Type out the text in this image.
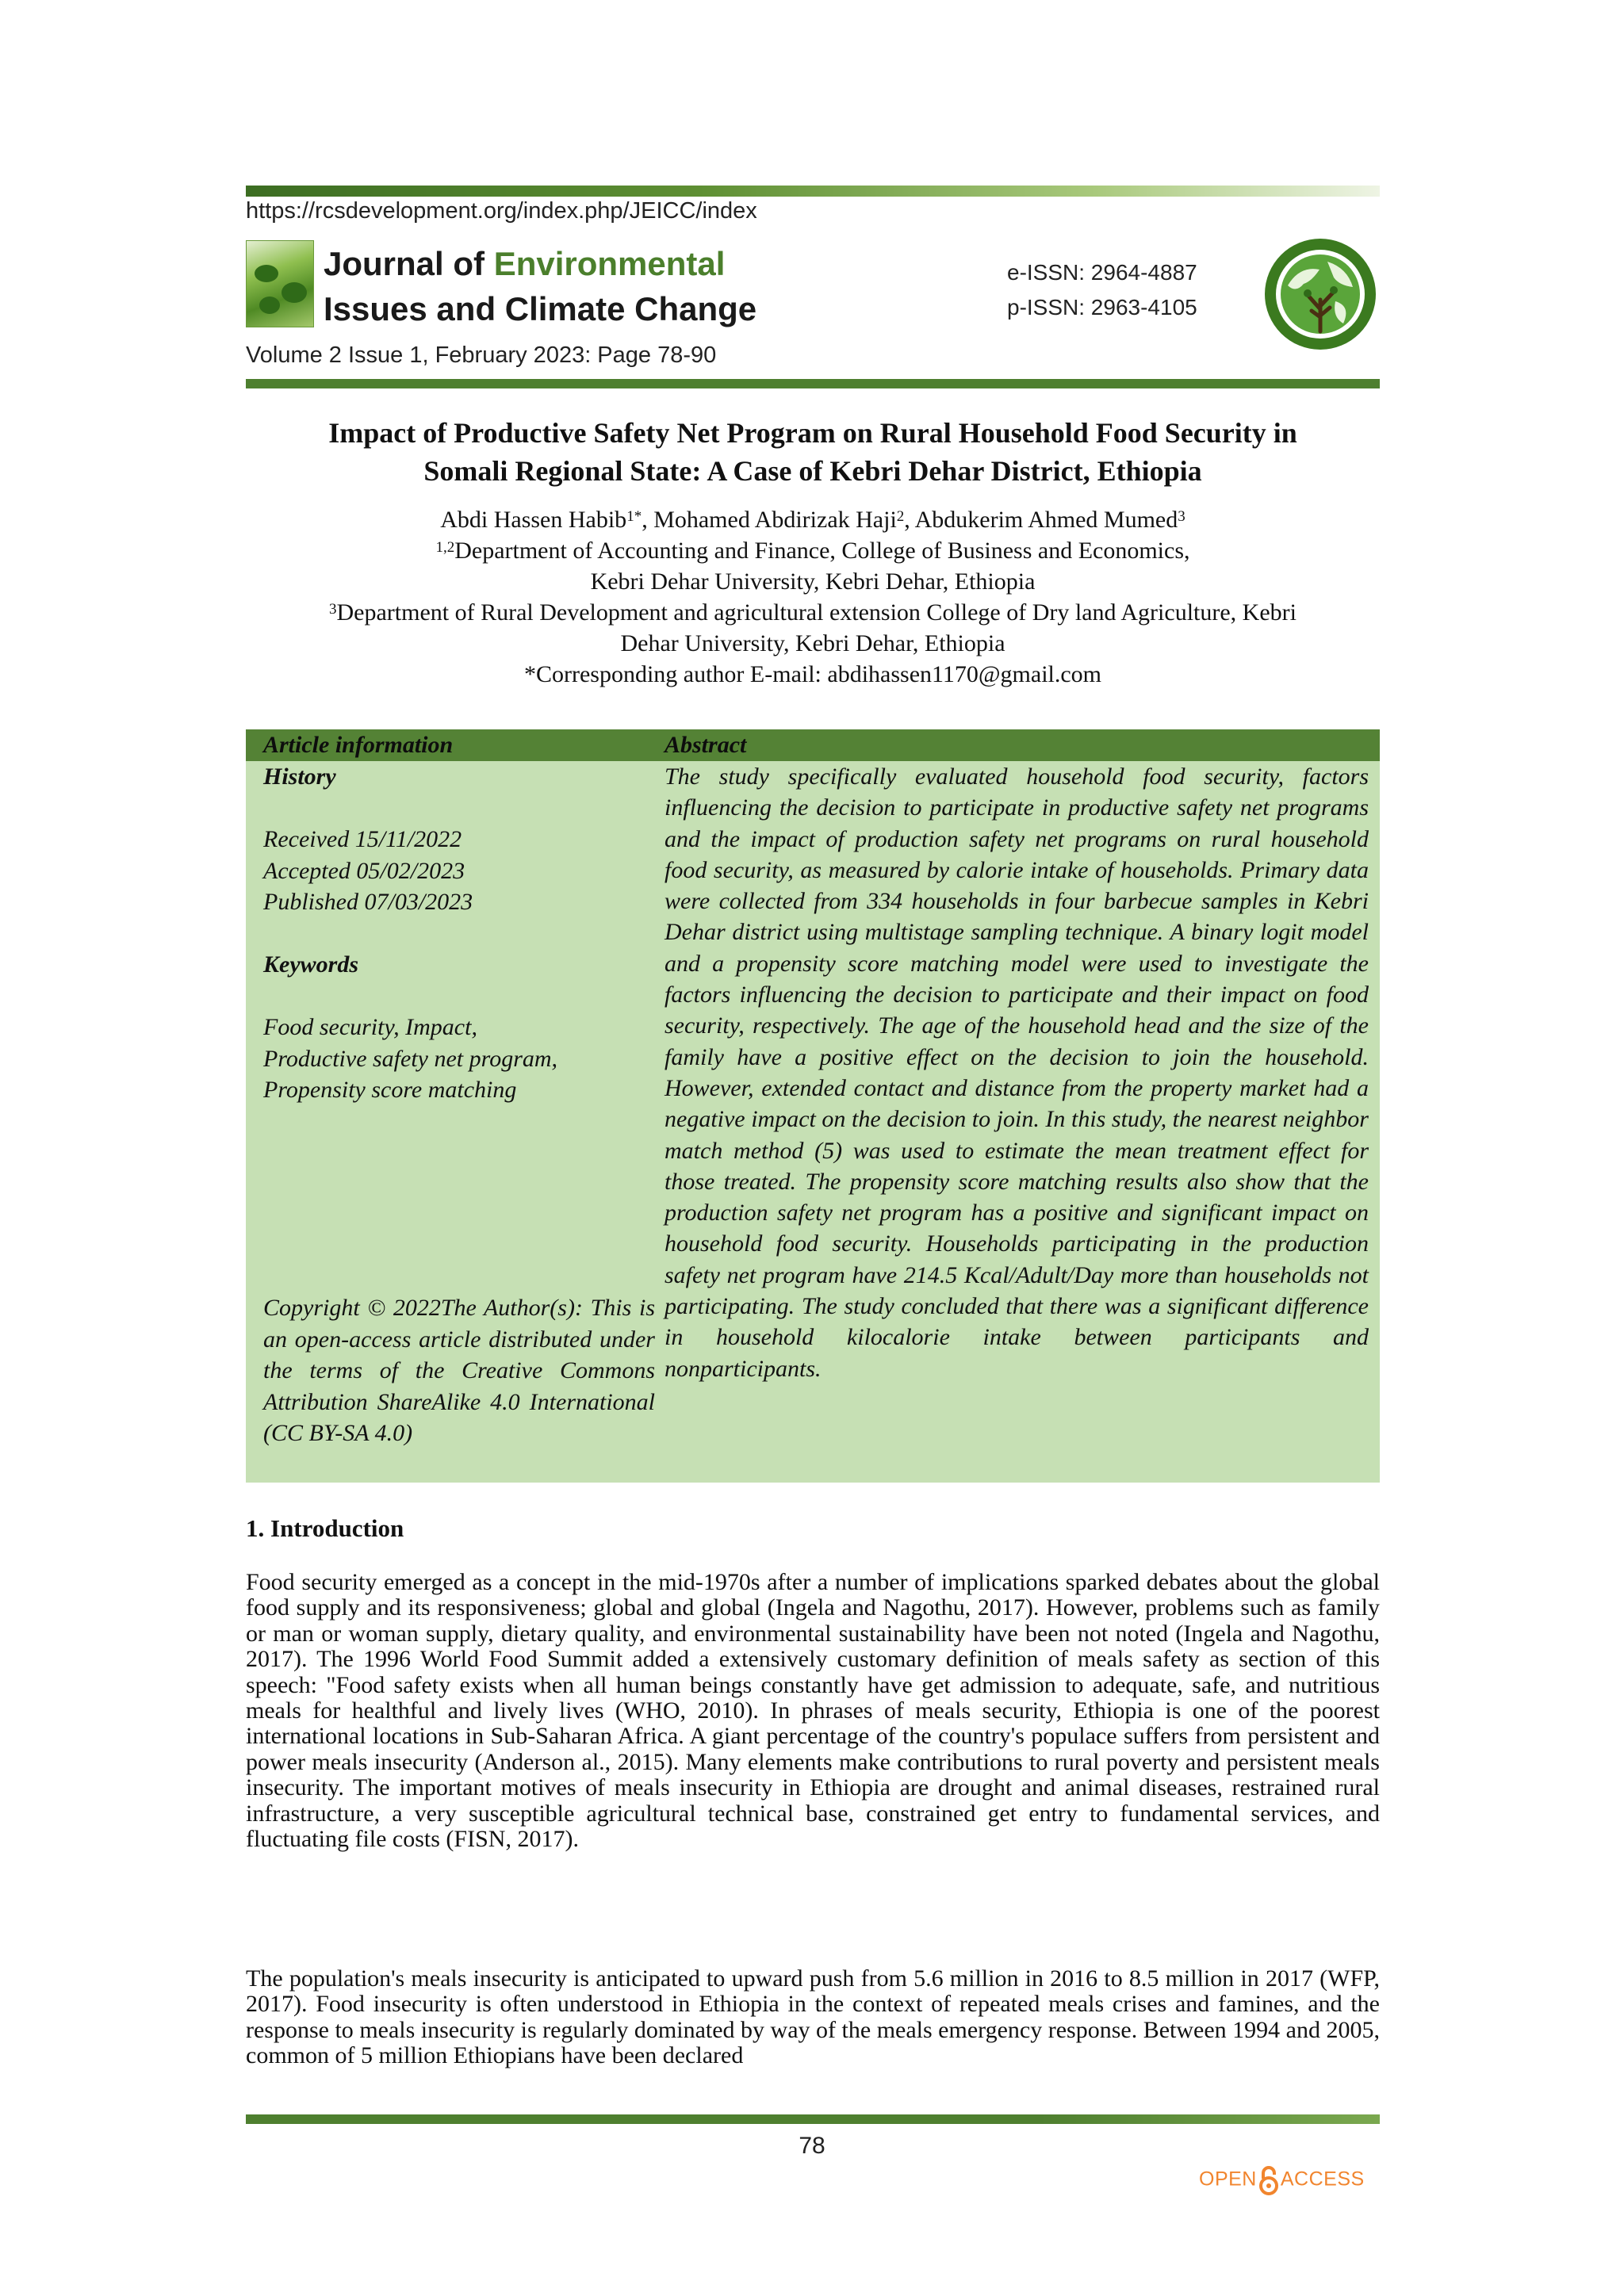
https://rcsdevelopment.org/index.php/JEICC/index
Journal of Environmental
Issues and Climate Change
e-ISSN: 2964-4887
p-ISSN: 2963-4105
Volume 2 Issue 1, February 2023: Page 78-90
Impact of Productive Safety Net Program on Rural Household Food Security in
Somali Regional State: A Case of Kebri Dehar District, Ethiopia
Abdi Hassen Habib$^{1*}$, Mohamed Abdirizak Haji$^2$, Abdukerim Ahmed Mumed$^3$
$^{1,2}$Department of Accounting and Finance, College of Business and Economics,
Kebri Dehar University, Kebri Dehar, Ethiopia
$^3$Department of Rural Development and agricultural extension College of Dry land Agriculture, Kebri
Dehar University, Kebri Dehar, Ethiopia
*Corresponding author E-mail: abdihassen1170@gmail.com
Article information	Abstract
History
Received 15/11/2022
Accepted 05/02/2023
Published 07/03/2023
Keywords
Food security, Impact,
Productive safety net program,
Propensity score matching
The study specifically evaluated household food security, factors influencing the decision to participate in productive safety net programs and the impact of production safety net programs on rural household food security, as measured by calorie intake of households. Primary data were collected from 334 households in four barbecue samples in Kebri Dehar district using multistage sampling technique. A binary logit model and a propensity score matching model were used to investigate the factors influencing the decision to participate and their impact on food security, respectively. The age of the household head and the size of the family have a positive effect on the decision to join the household. However, extended contact and distance from the property market had a negative impact on the decision to join. In this study, the nearest neighbor match method (5) was used to estimate the mean treatment effect for those treated. The propensity score matching results also show that the production safety net program has a positive and significant impact on household food security. Households participating in the production safety net program have 214.5 Kcal/Adult/Day more than households not participating. The study concluded that there was a significant difference in household kilocalorie intake between participants and nonparticipants.
Copyright © 2022The Author(s): This is an open-access article distributed under the terms of the Creative Commons Attribution ShareAlike 4.0 International (CC BY-SA 4.0)
1. Introduction
Food security emerged as a concept in the mid-1970s after a number of implications sparked debates about the global food supply and its responsiveness; global and global (Ingela and Nagothu, 2017). However, problems such as family or man or woman supply, dietary quality, and environmental sustainability have been not noted (Ingela and Nagothu, 2017). The 1996 World Food Summit added a extensively customary definition of meals safety as section of this speech: "Food safety exists when all human beings constantly have get admission to adequate, safe, and nutritious meals for healthful and lively lives (WHO, 2010). In phrases of meals security, Ethiopia is one of the poorest international locations in Sub-Saharan Africa. A giant percentage of the country's populace suffers from persistent and power meals insecurity (Anderson al., 2015). Many elements make contributions to rural poverty and persistent meals insecurity. The important motives of meals insecurity in Ethiopia are drought and animal diseases, restrained rural infrastructure, a very susceptible agricultural technical base, constrained get entry to fundamental services, and fluctuating file costs (FISN, 2017).
The population's meals insecurity is anticipated to upward push from 5.6 million in 2016 to 8.5 million in 2017 (WFP, 2017). Food insecurity is often understood in Ethiopia in the context of repeated meals crises and famines, and the response to meals insecurity is regularly dominated by way of the meals emergency response. Between 1994 and 2005, common of 5 million Ethiopians have been declared
78
OPEN ACCESS
